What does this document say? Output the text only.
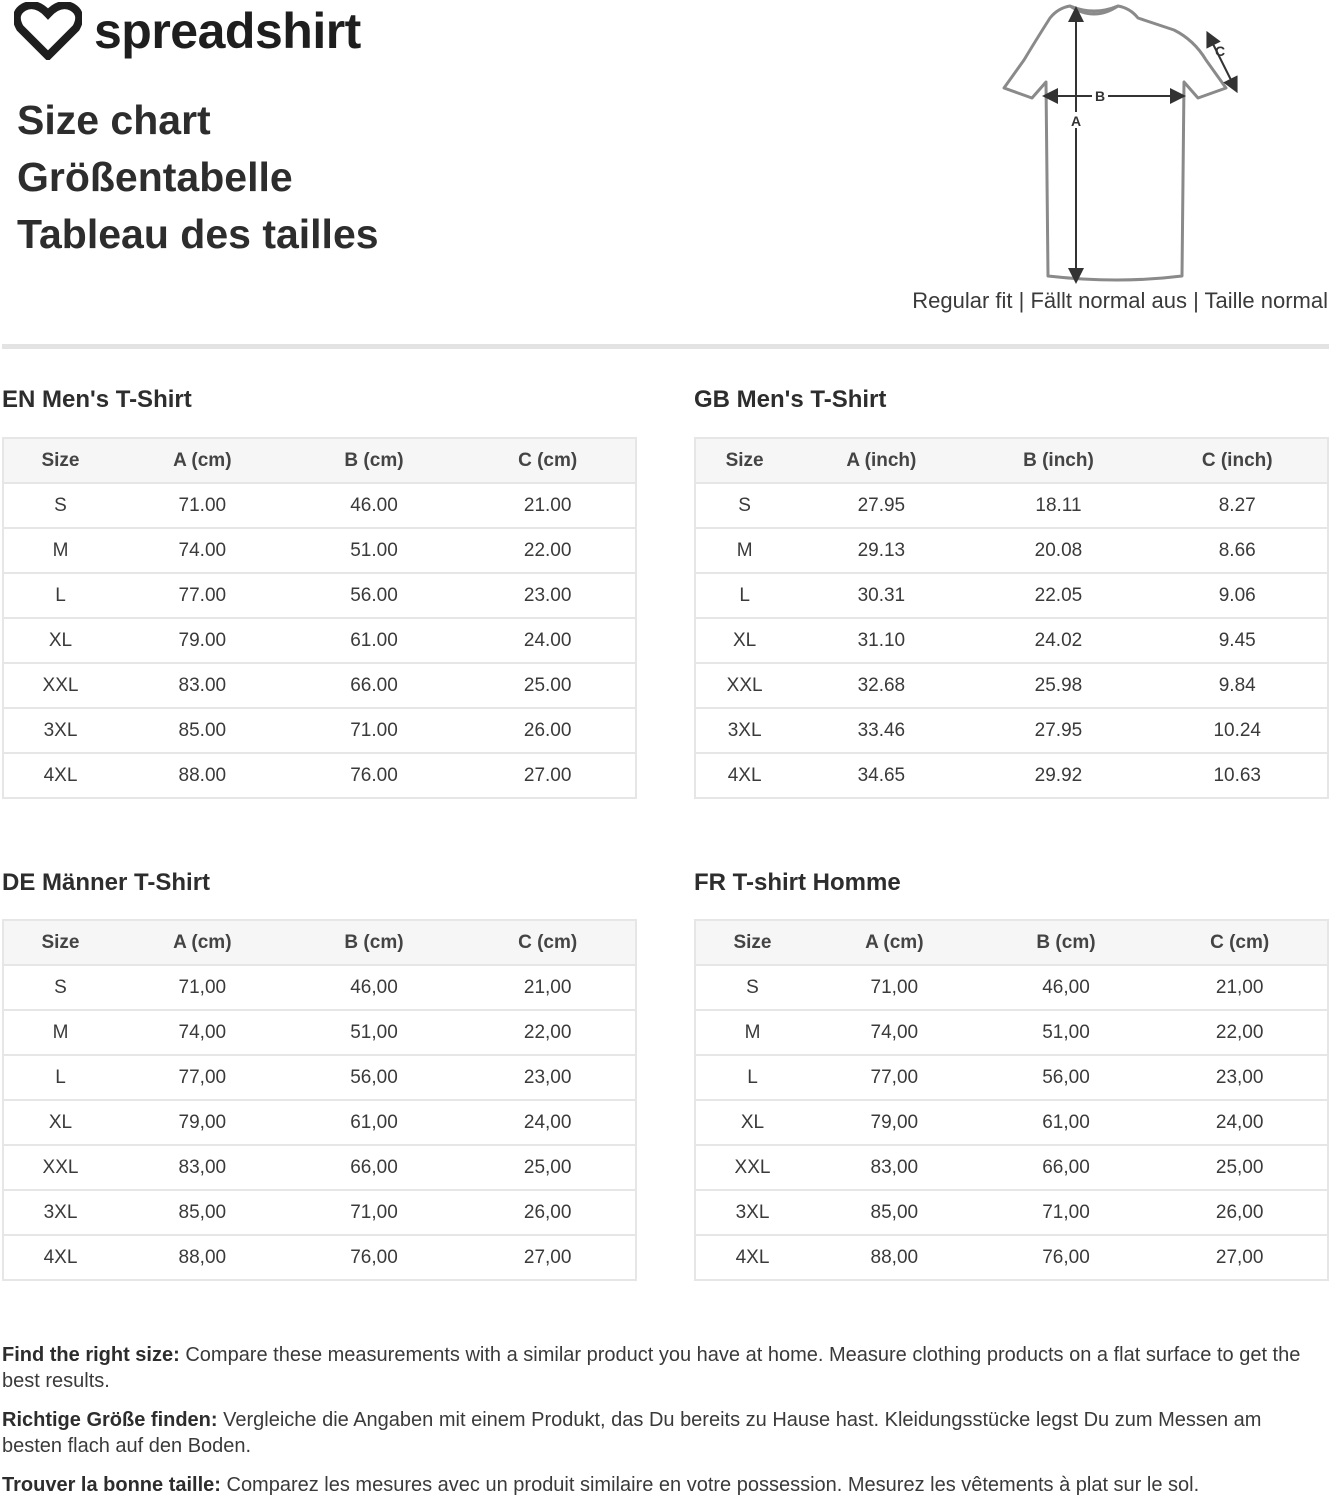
spreadshirt
Size chart
Größentabelle
Tableau des tailles
A
B
C
Regular fit | Fällt normal aus | Taille normal
EN Men's T-Shirt	GB Men's T-Shirt
DE Männer T-Shirt	FR T-shirt Homme
Size	A (cm)	B (cm)	C (cm)
S	71.00	46.00	21.00
M	74.00	51.00	22.00
L	77.00	56.00	23.00
XL	79.00	61.00	24.00
XXL	83.00	66.00	25.00
3XL	85.00	71.00	26.00
4XL	88.00	76.00	27.00
Size	A (inch)	B (inch)	C (inch)
S	27.95	18.11	8.27
M	29.13	20.08	8.66
L	30.31	22.05	9.06
XL	31.10	24.02	9.45
XXL	32.68	25.98	9.84
3XL	33.46	27.95	10.24
4XL	34.65	29.92	10.63
Size	A (cm)	B (cm)	C (cm)
S	71,00	46,00	21,00
M	74,00	51,00	22,00
L	77,00	56,00	23,00
XL	79,00	61,00	24,00
XXL	83,00	66,00	25,00
3XL	85,00	71,00	26,00
4XL	88,00	76,00	27,00
Size	A (cm)	B (cm)	C (cm)
S	71,00	46,00	21,00
M	74,00	51,00	22,00
L	77,00	56,00	23,00
XL	79,00	61,00	24,00
XXL	83,00	66,00	25,00
3XL	85,00	71,00	26,00
4XL	88,00	76,00	27,00

Find the right size: Compare these measurements with a similar product you have at home. Measure clothing products on a flat surface to get the best results.

Richtige Größe finden: Vergleiche die Angaben mit einem Produkt, das Du bereits zu Hause hast. Kleidungsstücke legst Du zum Messen am besten flach auf den Boden.

Trouver la bonne taille: Comparez les mesures avec un produit similaire en votre possession. Mesurez les vêtements à plat sur le sol.
